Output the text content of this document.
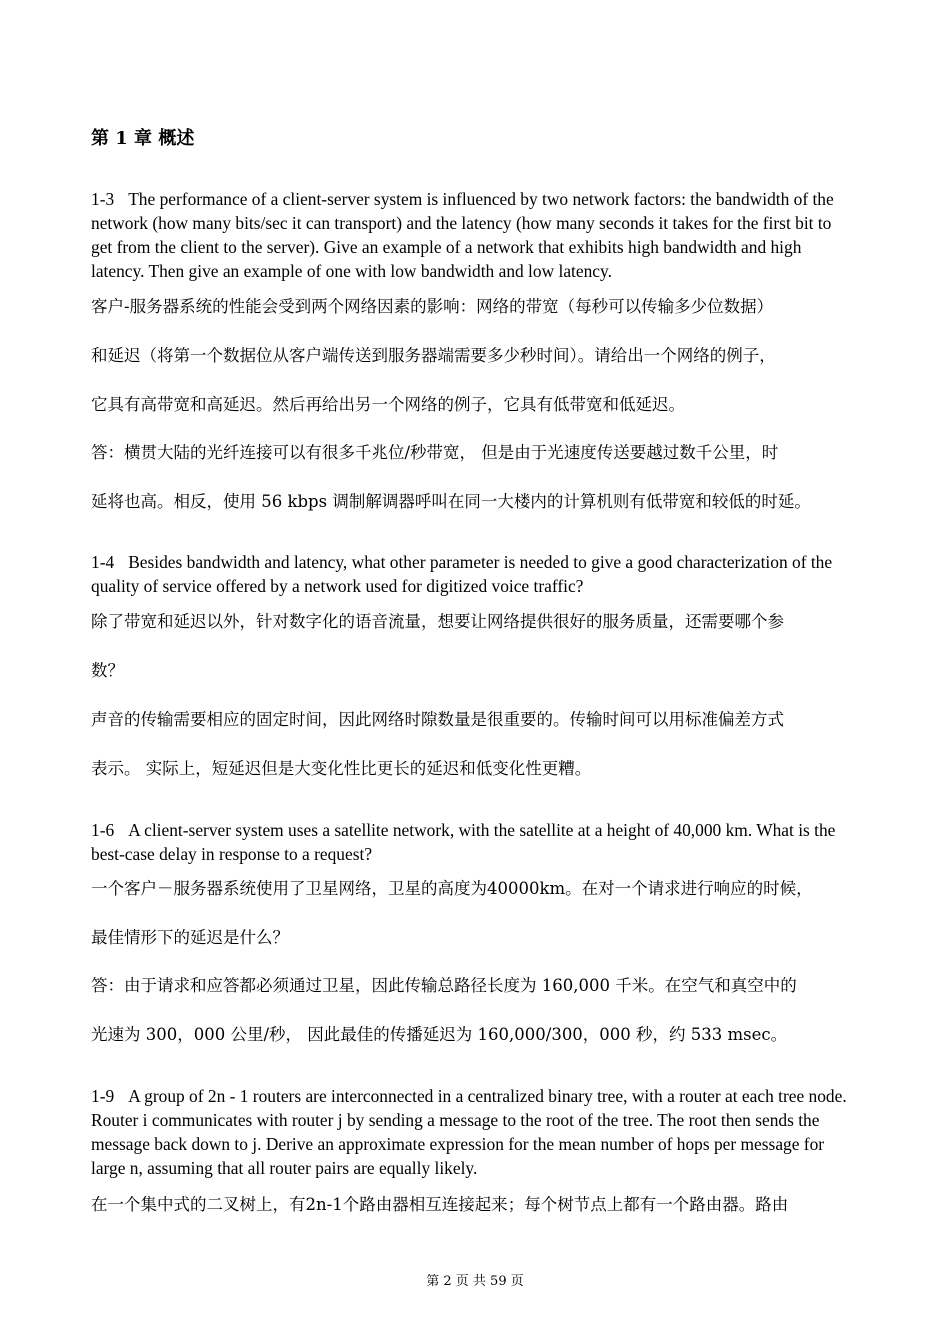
第 1 章 概述
1-3 The performance of a client-server system is influenced by two network factors: the bandwidth of the network (how many bits/sec it can transport) and the latency (how many seconds it takes for the first bit to get from the client to the server). Give an example of a network that exhibits high bandwidth and high latency. Then give an example of one with low bandwidth and low latency.
客户-服务器系统的性能会受到两个网络因素的影响：网络的带宽（每秒可以传输多少位数据）
和延迟（将第一个数据位从客户端传送到服务器端需要多少秒时间）。请给出一个网络的例子，
它具有高带宽和高延迟。然后再给出另一个网络的例子，它具有低带宽和低延迟。
答：横贯大陆的光纤连接可以有很多千兆位/秒带宽， 但是由于光速度传送要越过数千公里，时
延将也高。相反，使用 56 kbps 调制解调器呼叫在同一大楼内的计算机则有低带宽和较低的时延。
1-4 Besides bandwidth and latency, what other parameter is needed to give a good characterization of the quality of service offered by a network used for digitized voice traffic?
除了带宽和延迟以外，针对数字化的语音流量，想要让网络提供很好的服务质量，还需要哪个参
数？
声音的传输需要相应的固定时间，因此网络时隙数量是很重要的。传输时间可以用标准偏差方式
表示。 实际上，短延迟但是大变化性比更长的延迟和低变化性更糟。
1-6 A client-server system uses a satellite network, with the satellite at a height of 40,000 km. What is the best-case delay in response to a request?
一个客户－服务器系统使用了卫星网络，卫星的高度为40000km。在对一个请求进行响应的时候，
最佳情形下的延迟是什么？
答：由于请求和应答都必须通过卫星，因此传输总路径长度为 160,000 千米。在空气和真空中的
光速为 300，000 公里/秒， 因此最佳的传播延迟为 160,000/300，000 秒，约 533 msec。
1-9 A group of 2n - 1 routers are interconnected in a centralized binary tree, with a router at each tree node. Router i communicates with router j by sending a message to the root of the tree. The root then sends the message back down to j. Derive an approximate expression for the mean number of hops per message for large n, assuming that all router pairs are equally likely.
在一个集中式的二叉树上，有2n-1个路由器相互连接起来；每个树节点上都有一个路由器。路由
第 2 页 共 59 页
